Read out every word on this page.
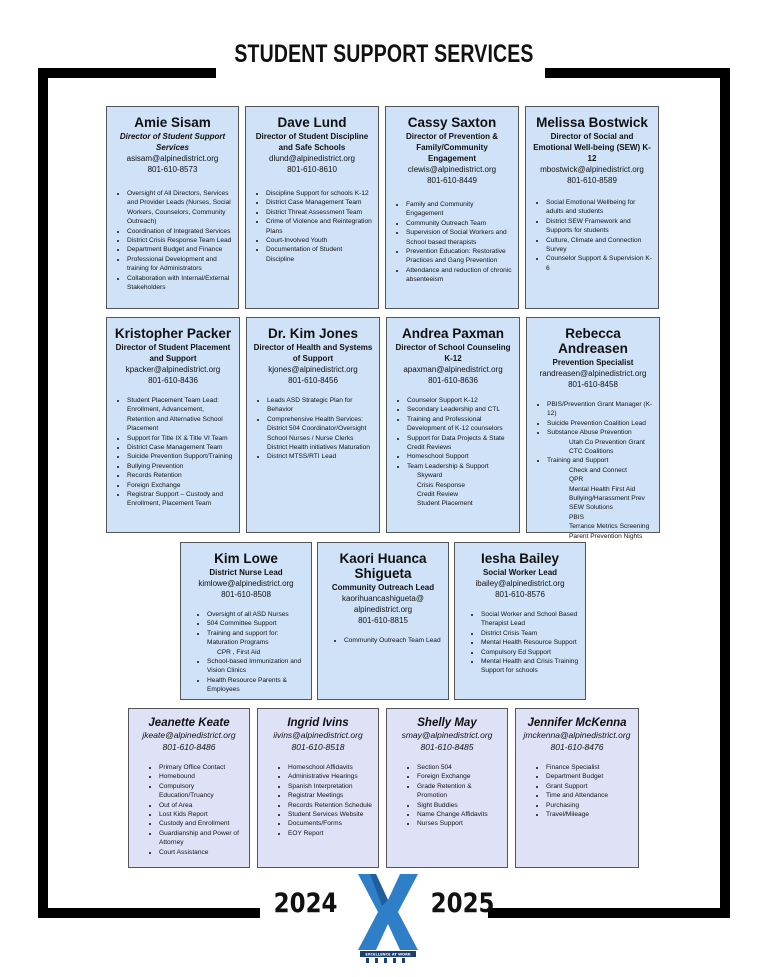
STUDENT SUPPORT SERVICES
Amie Sisam
Director of Student Support Services
asisam@alpinedistrict.org
801-610-8573
• Oversight of All Directors, Services and Provider Leads (Nurses, Social Workers, Counselors, Community Outreach)
• Coordination of Integrated Services
• District Crisis Response Team Lead
• Department Budget and Finance
• Professional Development and training for Administrators
• Collaboration with Internal/External Stakeholders
Dave Lund
Director of Student Discipline and Safe Schools
dlund@alpinedistrict.org
801-610-8610
• Discipline Support for schools K-12
• District Case Management Team
• District Threat Assessment Team
• Crime of Violence and Reintegration Plans
• Court-Involved Youth
• Documentation of Student Discipline
Cassy Saxton
Director of Prevention & Family/Community Engagement
clewis@alpinedistrict.org
801-610-8449
• Family and Community Engagement
• Community Outreach Team
• Supervision of Social Workers and School based therapists
• Prevention Education: Restorative Practices and Gang Prevention
• Attendance and reduction of chronic absenteeism
Melissa Bostwick
Director of Social and Emotional Well-being (SEW) K-12
mbostwick@alpinedistrict.org
801-610-8589
• Social Emotional Wellbeing for adults and students
• District SEW Framework and Supports for students
• Culture, Climate and Connection Survey
• Counselor Support & Supervision K-6
Kristopher Packer
Director of Student Placement and Support
kpacker@alpinedistrict.org
801-610-8436
• Student Placement Team Lead: Enrollment, Advancement, Retention and Alternative School Placement
• Support for Title IX & Title VI Team
• District Case Management Team
• Suicide Prevention Support/Training
• Bullying Prevention
• Records Retention
• Foreign Exchange
• Registrar Support – Custody and Enrollment, Placement Team
Dr. Kim Jones
Director of Health and Systems of Support
kjones@alpinedistrict.org
801-610-8456
• Leads ASD Strategic Plan for Behavior
• Comprehensive Health Services: District 504 Coordinator/Oversight School Nurses / Nurse Clerks District Health initiatives Maturation
• District MTSS/RTI Lead
Andrea Paxman
Director of School Counseling K-12
apaxman@alpinedistrict.org
801-610-8636
• Counselor Support K-12
• Secondary Leadership and CTL
• Training and Professional Development of K-12 counselors
• Support for Data Projects & State Credit Reviews
• Homeschool Support
• Team Leadership & Support
Skyward
Crisis Response
Credit Review
Student Placement
Rebecca Andreasen
Prevention Specialist
randreasen@alpinedistrict.org
801-610-8458
• PBIS/Prevention Grant Manager (K-12)
• Suicide Prevention Coalition Lead
• Substance Abuse Prevention
Utah Co Prevention Grant
CTC Coalitions
• Training and Support
Check and Connect
QPR
Mental Health First Aid
Bullying/Harassment Prev
SEW Solutions
PBIS
Terrance Metrics Screening
Parent Prevention Nights
Kim Lowe
District Nurse Lead
kimlowe@alpinedistrict.org
801-610-8508
• Oversight of all ASD Nurses
• 504 Committee Support
• Training and support for: Maturation Programs
CPR , First Aid
• School-based Immunization and Vision Clinics
• Health Resource Parents & Employees
Kaori Huanca Shigueta
Community Outreach Lead
kaorihuancashigueta@ alpinedistrict.org
801-610-8815
• Community Outreach Team Lead
Iesha Bailey
Social Worker Lead
ibailey@alpinedistrict.org
801-610-8576
• Social Worker and School Based Therapist Lead
• District Crisis Team
• Mental Health Resource Support
• Compulsory Ed Support
• Mental Health and Crisis Training Support for schools
Jeanette Keate
jkeate@alpinedistrict.org
801-610-8486
• Primary Office Contact
• Homebound
• Compulsory Education/Truancy
• Out of Area
• Lost Kids Report
• Custody and Enrollment
• Guardianship and Power of Attorney
• Court Assistance
Ingrid Ivins
iivins@alpinedistrict.org
801-610-8518
• Homeschool Affidavits
• Administrative Hearings
• Spanish Interpretation
• Registrar Meetings
• Records Retention Schedule
• Student Services Website
• Documents/Forms
• EOY Report
Shelly May
smay@alpinedistrict.org
801-610-8485
• Section 504
• Foreign Exchange
• Grade Retention & Promotion
• Sight Buddies
• Name Change Affidavits
• Nurses Support
Jennifer McKenna
jmckenna@alpinedistrict.org
801-610-8476
• Finance Specialist
• Department Budget
• Grant Support
• Time and Attendance
• Purchasing
• Travel/Mileage
2024	2025
EXCELLENCE AT WORK
